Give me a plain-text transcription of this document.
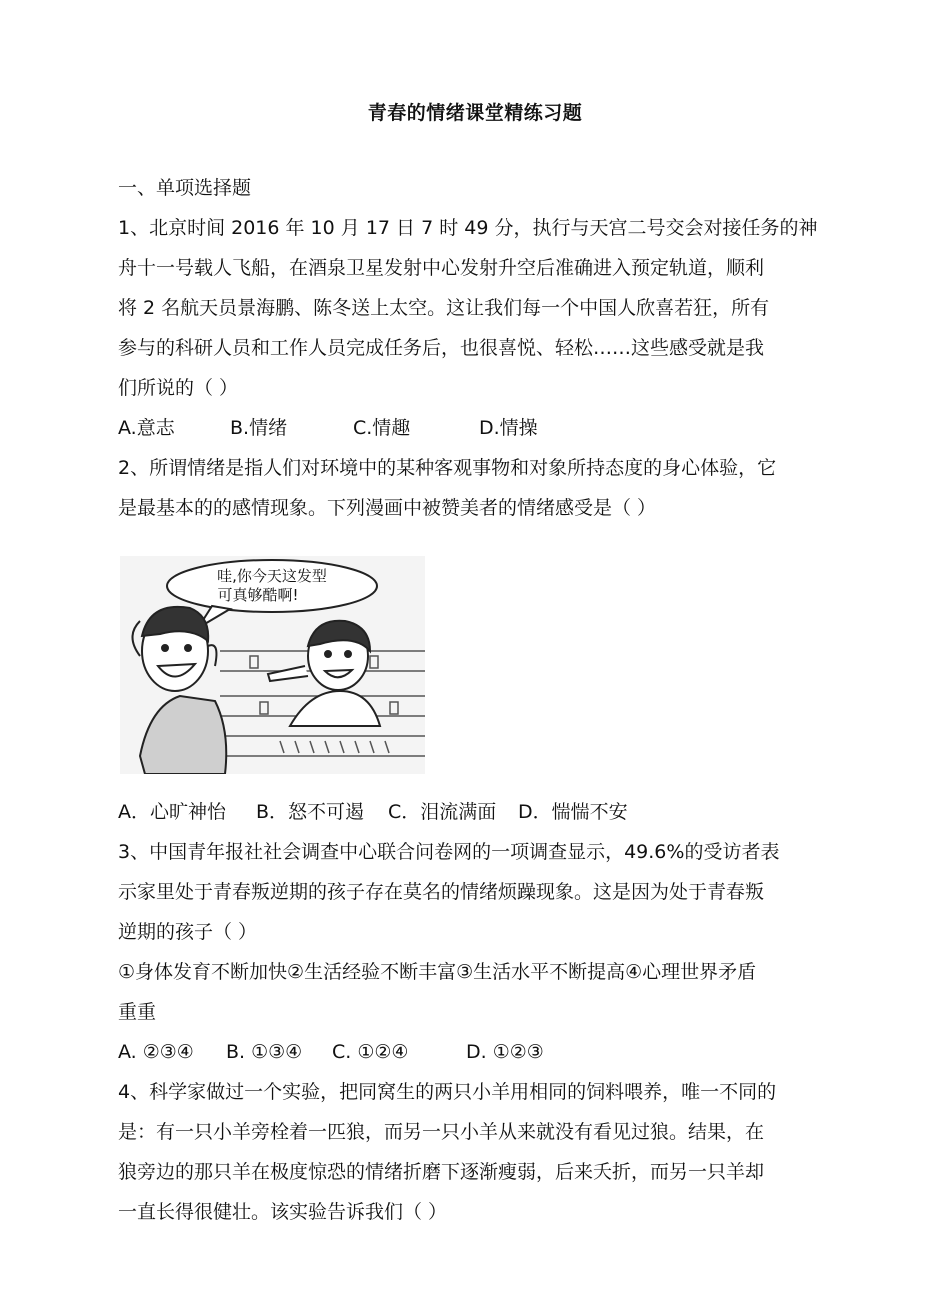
青春的情绪课堂精练习题
一、单项选择题
1、北京时间 2016 年 10 月 17 日 7 时 49 分，执行与天宫二号交会对接任务的神
舟十一号载人飞船，在酒泉卫星发射中心发射升空后准确进入预定轨道，顺利
将 2 名航天员景海鹏、陈冬送上太空。这让我们每一个中国人欣喜若狂，所有
参与的科研人员和工作人员完成任务后，也很喜悦、轻松……这些感受就是我
们所说的（ ）
A.意志	B.情绪	C.情趣	D.情操
2、所谓情绪是指人们对环境中的某种客观事物和对象所持态度的身心体验，它
是最基本的的感情现象。下列漫画中被赞美者的情绪感受是（ ）
哇,你今天这发型
可真够酷啊!
A．心旷神怡	B．怒不可遏	C．泪流满面	D．惴惴不安
3、中国青年报社社会调查中心联合问卷网的一项调查显示，49.6%的受访者表
示家里处于青春叛逆期的孩子存在莫名的情绪烦躁现象。这是因为处于青春叛
逆期的孩子（ ）
①身体发育不断加快②生活经验不断丰富③生活水平不断提高④心理世界矛盾
重重
A. ②③④	B. ①③④	C. ①②④	D. ①②③
4、科学家做过一个实验，把同窝生的两只小羊用相同的饲料喂养，唯一不同的
是：有一只小羊旁栓着一匹狼，而另一只小羊从来就没有看见过狼。结果，在
狼旁边的那只羊在极度惊恐的情绪折磨下逐渐瘦弱，后来夭折，而另一只羊却
一直长得很健壮。该实验告诉我们（ ）
